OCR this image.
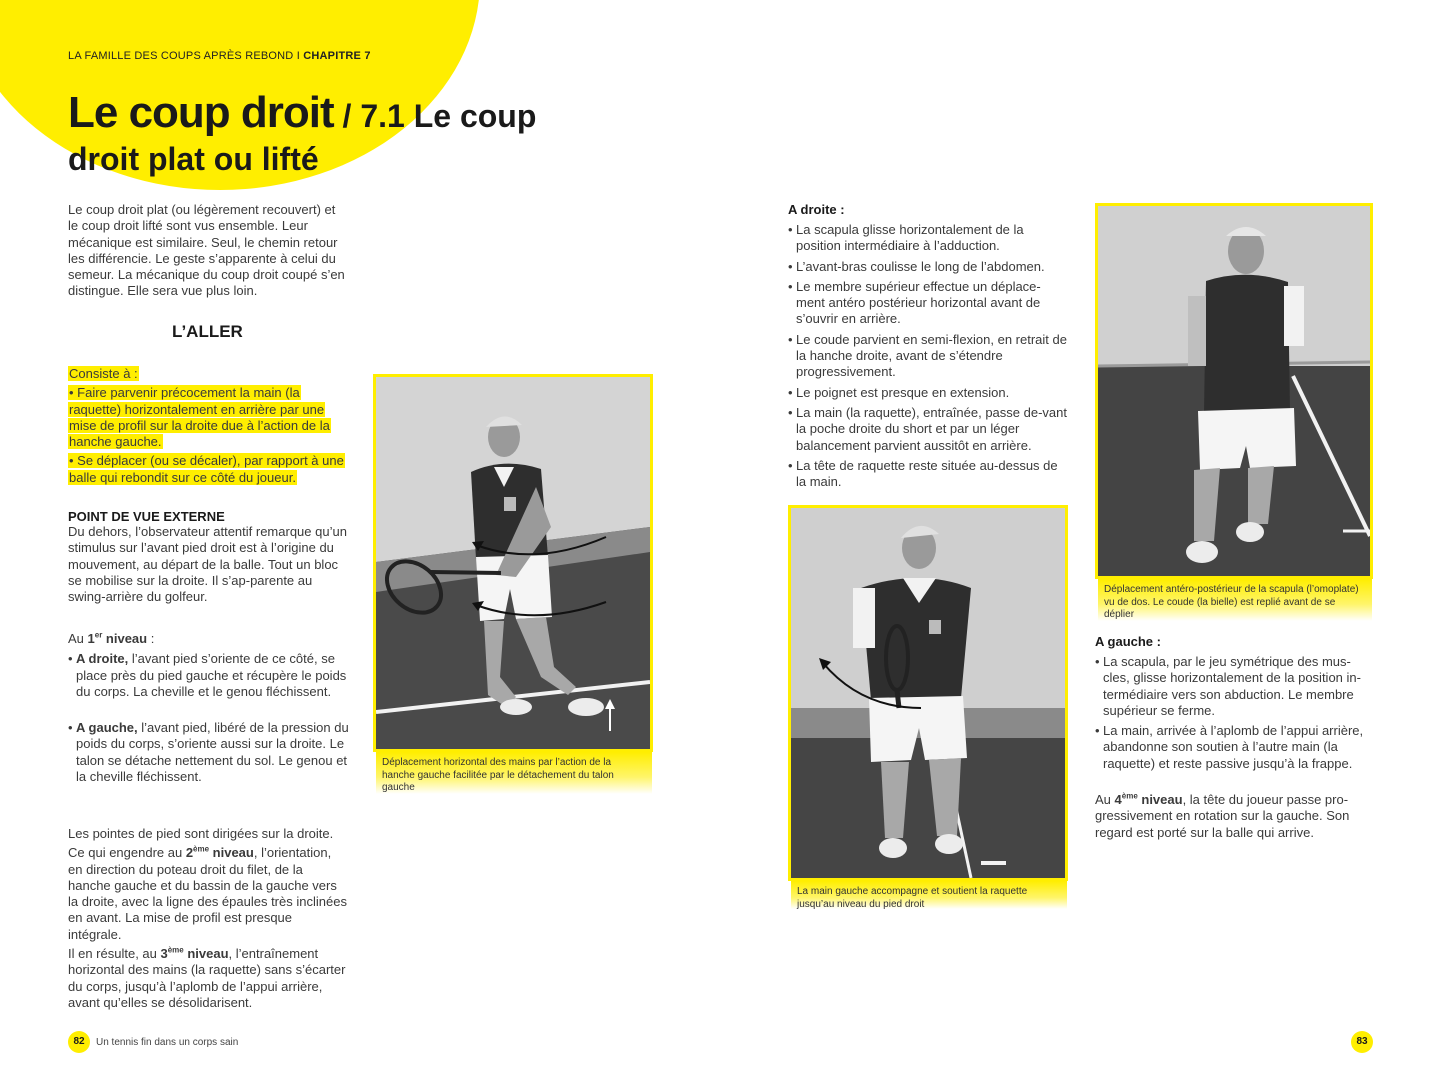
LA FAMILLE DES COUPS APRÈS REBOND I CHAPITRE 7
Le coup droit / 7.1 Le coup
droit plat ou lifté
Le coup droit plat (ou légèrement recouvert) et le coup droit lifté sont vus ensemble. Leur mécanique est similaire. Seul, le chemin retour les différencie. Le geste s’apparente à celui du semeur. La mécanique du coup droit coupé s’en distingue. Elle sera vue plus loin.
L’ALLER
Consiste à :
• Faire parvenir précocement la main (la raquette) horizontalement en arrière par une mise de profil sur la droite due à l’action de la hanche gauche.
• Se déplacer (ou se décaler), par rapport à une balle qui rebondit sur ce côté du joueur.
POINT DE VUE EXTERNE
Du dehors, l’observateur attentif remarque qu’un stimulus sur l’avant pied droit est à l’origine du mouvement, au départ de la balle. Tout un bloc se mobilise sur la droite. Il s’ap-parente au swing-arrière du golfeur.
Au 1er niveau :
• A droite, l’avant pied s’oriente de ce côté, se place près du pied gauche et récupère le poids du corps. La cheville et le genou fléchissent.
• A gauche, l’avant pied, libéré de la pression du poids du corps, s’oriente aussi sur la droite. Le talon se détache nettement du sol. Le genou et la cheville fléchissent.
Les pointes de pied sont dirigées sur la droite.
Ce qui engendre au 2ème niveau, l’orientation, en direction du poteau droit du filet, de la hanche gauche et du bassin de la gauche vers la droite, avec la ligne des épaules très inclinées en avant. La mise de profil est presque intégrale.
Il en résulte, au 3ème niveau, l’entraînement horizontal des mains (la raquette) sans s’écarter du corps, jusqu’à l’aplomb de l’appui arrière, avant qu’elles se désolidarisent.
Déplacement horizontal des mains par l’action de la hanche gauche facilitée par le détachement du talon gauche
A droite :
• La scapula glisse horizontalement de la position intermédiaire à l’adduction.
• L’avant-bras coulisse le long de l’abdomen.
• Le membre supérieur effectue un déplace-ment antéro postérieur horizontal avant de s’ouvrir en arrière.
• Le coude parvient en semi-flexion, en retrait de la hanche droite, avant de s’étendre progressivement.
• Le poignet est presque en extension.
• La main (la raquette), entraînée, passe de-vant la poche droite du short et par un léger balancement parvient aussitôt en arrière.
• La tête de raquette reste située au-dessus de la main.
La main gauche accompagne et soutient la raquette jusqu’au niveau du pied droit
Déplacement antéro-postérieur de la scapula (l’omoplate) vu de dos. Le coude (la bielle) est replié avant de se déplier
A gauche :
• La scapula, par le jeu symétrique des mus-cles, glisse horizontalement de la position in-termédiaire vers son abduction. Le membre supérieur se ferme.
• La main, arrivée à l’aplomb de l’appui arrière, abandonne son soutien à l’autre main (la raquette) et reste passive jusqu’à la frappe.
Au 4ème niveau, la tête du joueur passe pro-gressivement en rotation sur la gauche. Son regard est porté sur la balle qui arrive.
82	Un tennis fin dans un corps sain	83
